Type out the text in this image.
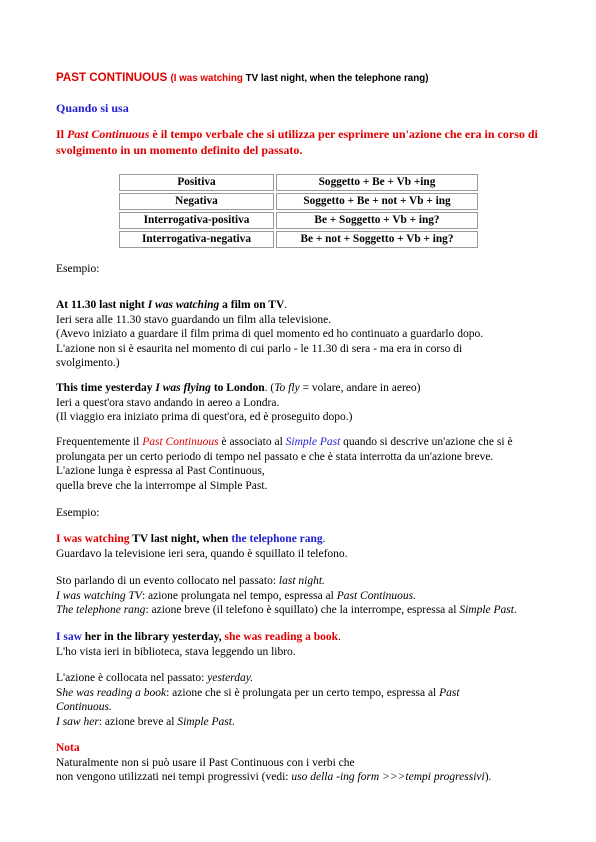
PAST CONTINUOUS (I was watching TV last night, when the telephone rang)
Quando si usa
Il Past Continuous è il tempo verbale che si utilizza per esprimere un'azione che era in corso di svolgimento in un momento definito del passato.
Positiva	Soggetto + Be + Vb +ing
Negativa	Soggetto + Be + not + Vb + ing
Interrogativa-positiva	Be + Soggetto + Vb + ing?
Interrogativa-negativa	Be + not + Soggetto + Vb + ing?
Esempio:
At 11.30 last night I was watching a film on TV.
Ieri sera alle 11.30 stavo guardando un film alla televisione.
(Avevo iniziato a guardare il film prima di quel momento ed ho continuato a guardarlo dopo.
L'azione non si è esaurita nel momento di cui parlo - le 11.30 di sera - ma era in corso di
svolgimento.)
This time yesterday I was flying to London. (To fly = volare, andare in aereo)
Ieri a quest'ora stavo andando in aereo a Londra.
(Il viaggio era iniziato prima di quest'ora, ed è proseguito dopo.)
Frequentemente il Past Continuous è associato al Simple Past quando si descrive un'azione che si è
prolungata per un certo periodo di tempo nel passato e che è stata interrotta da un'azione breve.
L'azione lunga è espressa al Past Continuous,
quella breve che la interrompe al Simple Past.
Esempio:
I was watching TV last night, when the telephone rang.
Guardavo la televisione ieri sera, quando è squillato il telefono.
Sto parlando di un evento collocato nel passato: last night.
I was watching TV: azione prolungata nel tempo, espressa al Past Continuous.
The telephone rang: azione breve (il telefono è squillato) che la interrompe, espressa al Simple Past.
I saw her in the library yesterday, she was reading a book.
L'ho vista ieri in biblioteca, stava leggendo un libro.
L'azione è collocata nel passato: yesterday.
She was reading a book: azione che si è prolungata per un certo tempo, espressa al Past
Continuous.
I saw her: azione breve al Simple Past.
Nota
Naturalmente non si può usare il Past Continuous con i verbi che
non vengono utilizzati nei tempi progressivi (vedi: uso della -ing form >>>tempi progressivi).
